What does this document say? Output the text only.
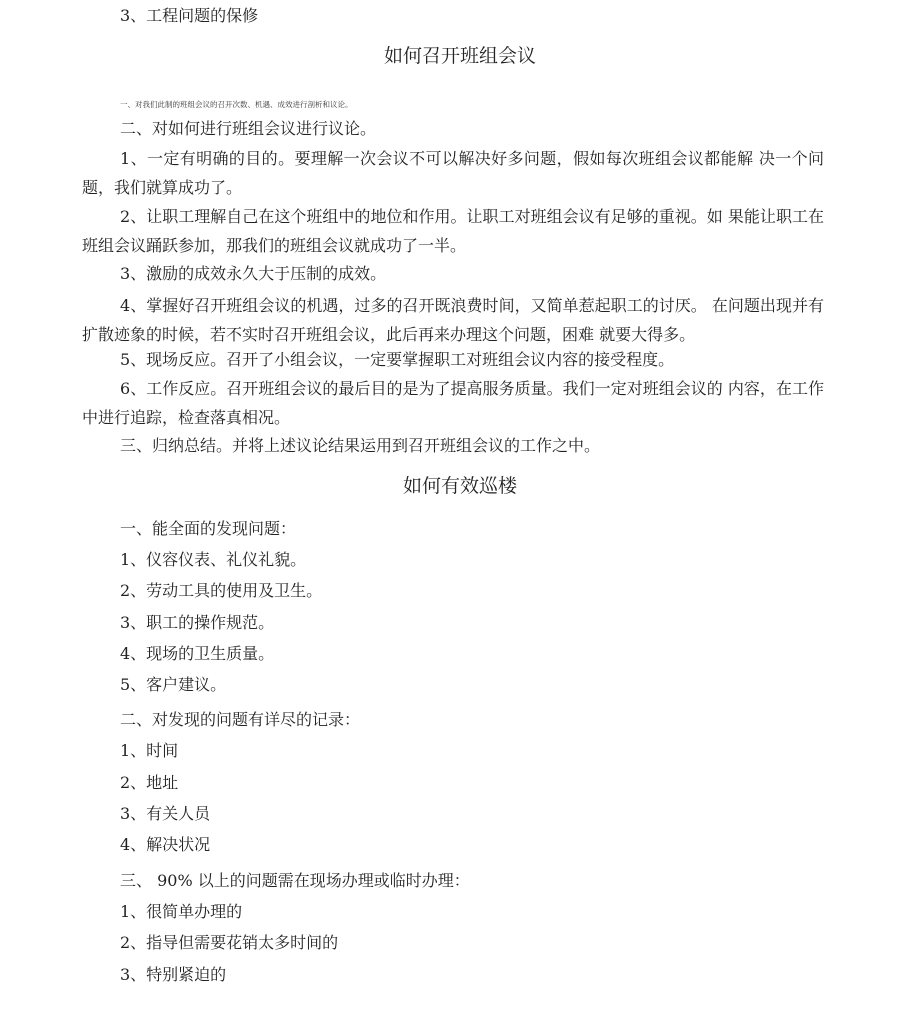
3、工程问题的保修
如何召开班组会议
一、对我们此制的班组会议的召开次数、机遇、成效进行剖析和议论。
二、对如何进行班组会议进行议论。
1、一定有明确的目的。要理解一次会议不可以解决好多问题，假如每次班组会议都能解 决一个问题，我们就算成功了。
2、让职工理解自己在这个班组中的地位和作用。让职工对班组会议有足够的重视。如 果能让职工在班组会议踊跃参加，那我们的班组会议就成功了一半。
3、激励的成效永久大于压制的成效。
4、掌握好召开班组会议的机遇，过多的召开既浪费时间，又简单惹起职工的讨厌。 在问题出现并有扩散迹象的时候，若不实时召开班组会议，此后再来办理这个问题，困难 就要大得多。
5、现场反应。召开了小组会议，一定要掌握职工对班组会议内容的接受程度。
6、工作反应。召开班组会议的最后目的是为了提高服务质量。我们一定对班组会议的 内容，在工作中进行追踪，检查落真相况。
三、归纳总结。并将上述议论结果运用到召开班组会议的工作之中。
如何有效巡楼
一、能全面的发现问题：
1、仪容仪表、礼仪礼貌。
2、劳动工具的使用及卫生。
3、职工的操作规范。
4、现场的卫生质量。
5、客户建议。
二、对发现的问题有详尽的记录：
1、时间
2、地址
3、有关人员
4、解决状况
三、 90% 以上的问题需在现场办理或临时办理：
1、很简单办理的
2、指导但需要花销太多时间的
3、特别紧迫的
